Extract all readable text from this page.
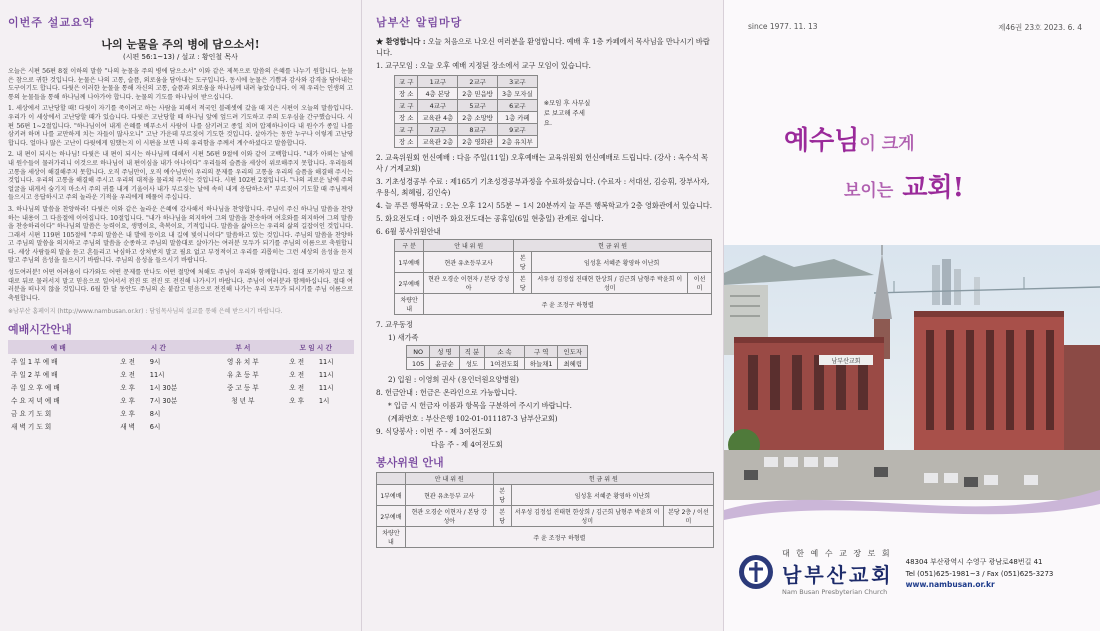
이번주 설교요약
나의 눈물을 주의 병에 담으소서!
(시편 56:1~13) / 설교 : 황인철 목사
오늘은 시편 56편 8절 이하의 말씀 "나의 눈물을 주의 병에 담으소서" 이와 같은 제목으로 말씀의 은혜를 나누기 원합니다. 눈물은 참으로 귀한 것입니다. 눈물은 나의 고통, 슬픔, 외로움을 담아내는 도구입니다. 동시에 눈물은 기쁨과 감사와 감격을 담아내는 도구이기도 합니다. 다윗은 이러한 눈물을 통해 자신의 고통, 슬픔과 외로움을 하나님께 내려 놓았습니다. 이 제 우리는 인생의 고통의 눈물들을 통해 하나님께 나아가야 합니다. 눈물의 기도를 하나님이 받으십니다.
1. 세상에서 고난당할 때! 다윗이 자기를 죽이려고 하는 사람을 피해서 적국인 블레셋에 갔을 때 지은 시편이 오늘의 말씀입니다. 우리가 이 세상에서 고난당할 때가 있습니다. 다윗은 고난당할 때 하나님 앞에 엎드려 기도하고 주의 도우심을 간구했습니다. 시편 56편 1~2절입니다. "하나님이여 내게 은혜를 베푸소서 사람이 나를 삼키려고 종일 치며 압제하나이다 내 원수가 종일 나를 삼키려 하며 나를 교만하게 치는 자들이 많사오니" 고난 가운데 부르짖어 기도한 것입니다. 살아가는 동안 누구나 이렇게 고난당합니다. 얼마나 많은 고난이 다윗에게 임했는지 이 시편을 보면 나의 유리함을 주께서 계수하셨다고 말씀합니다.
2. 내 편이 되시는 하나님! 다윗은 내 편이 되시는 하나님께 대해서 시편 56편 9절에 이와 같이 고백합니다. "내가 아뢰는 날에 내 원수들이 물러가리니 이것으로 하나님이 내 편이심을 내가 아나이다" 우리들의 슬픔을 세상이 위로해주지 못합니다. 우리들의 고통을 세상이 해결해주지 못합니다. 오직 주님만이, 오직 예수님만이 우리의 문제를 우리의 고통을 우리의 슬픔을 해결해 주시는 것입니다. 우리의 고통을 해결해 주시고 우리의 대적을 물리쳐 주시는 것입니다. 시편 102편 2절입니다. "나의 괴로운 날에 주의 얼굴을 내게서 숨기지 마소서 주의 귀를 내게 기울이사 내가 부르짖는 날에 속히 내게 응답하소서" 부르짖어 기도할 때 주님께서 들으시고 응답하시고 주의 놀라운 기적을 우리에게 베풀어 주십니다.
3. 하나님의 말씀을 찬양하라! 다윗은 이와 같은 놀라운 은혜에 감사해서 하나님을 찬양합니다. 주님이 주신 하나님 말씀을 찬양하는 내용이 그 다음절에 이어집니다. 10절입니다. "내가 하나님을 의지하여 그의 말씀을 찬송하며 여호와를 의지하여 그의 말씀을 찬송하리이다" 하나님의 말씀은 능력이요, 생명이요, 축복이요, 기적입니다. 말씀을 삶아으는 우리의 삶의 길잡이인 것입니다. 그래서 시편 119편 105절에 "주의 말씀은 내 발에 등이요 내 길에 빛이니이다" 말씀하고 있는 것입니다. 주님의 말씀을 찬양하고 주님의 말씀을 의지하고 주님의 말씀을 순종하고 주님의 말씀대로 살아가는 여러분 모두가 되기를 주님의 이름으로 축원합니다. 세상 사람들의 말을 듣고 흔들리고 낙심하고 상처받지 말고 필요 없고 부정적이고 우리를 괴롭히는 그런 세상의 음성을 듣지 말고 주님의 음성을 들으시기 바랍니다. 주님의 음성을 들으시기 바랍니다.
성도여러분! 어떤 어려움이 다가와도 어떤 문제를 만나도 어떤 절망에 처해도 주님이 우리와 함께합니다. 절대 포기하지 말고 절대로 뒤로 물러서지 말고 믿음으로 일어서서 전진 또 전진 또 전진해 나가시기 바랍니다. 주님이 여러분과 함께하십니다. 절대 여러분을 떠나지 않을 것입니다. 6월 한 달 동안도 주님의 손 붙잡고 믿음으로 전진해 나가는 우리 모두가 되시기를 주님 이름으로 축원합니다.
※남부산 홈페이지 (http://www.nambusan.or.kr) : 담임목사님의 설교를 통해 은혜 받으시기 바랍니다.
예배시간안내
예 배	시 간		부 서	모 임 시 간	
주 일 1 부 예 배	오 전	9시	영 유 치 부	오 전	11시
주 일 2 부 예 배	오 전	11시	유 초 등 부	오 전	11시
주 일 오 후 예 배	오 후	1시 30분	중 고 등 부	오 전	11시
수 요 저 녁 예 배	오 후	7시 30분	청 년 부	오 후	1시
금 요 기 도 회	오 후	8시			
새 벽 기 도 회	새 벽	6시			
남부산 알림마당
★ 환영합니다 : 오늘 처음으로 나오신 여러분을 환영합니다. 예배 후 1층 카페에서 목사님을 만나시기 바랍니다.
1. 교구모임 : 오늘 오후 예배 지정된 장소에서 교구 모임이 있습니다.
교 구	1교구	2교구	3교구
장 소	4층 본당	2층 믿음방	3층 모자실
교 구	4교구	5교구	6교구
장 소	교육관 4층	2층 소망방	1층 카페
교 구	7교구	8교구	9교구
장 소	교육관 2층	2층 영화관	2층 유치부
※모임 후 사무실로 보고해 주세요.
2. 교육위원회 헌신예배 : 다음 주일(11일) 오후예배는 교육위원회 헌신예배로 드립니다. (강사 : 옥수석 목사 / 거제교회)
3. 기초성경공부 수료 : 제165기 기초성경공부과정을 수료하셨습니다. (수료자 : 서대선, 김승휘, 장부사자, 우용식, 최혜림, 김인숙)
4. 늘 푸른 행복학교 : 오는 오후 12시 55분 ~ 1시 20분까지 늘 푸른 행복학교가 2층 영화관에서 있습니다.
5. 화요전도대 : 이번주 화요전도대는 공휴일(6일 현충일) 관계로 쉽니다.
6. 6월 봉사위원안내
구 분	안 내 위 원	헌 금 위 원		
1부예배	현관 유초등부교사	본당	임성훈 서혜준 황영하 이난희	
2부예배	현관 오경순 이현자 / 본당 강성아	본당	서우성 김정섭 진태현 한상희 / 김근희 남형주 박윤희 이성미	이선미
차량안내	주 윤 조정구 하형렬			
7. 교우동정
1) 새가족
NO	성 명	직 분	소 속	구 역	인도자
105	윤금순	성도	1여전도회	하늘채1	최혜림
2) 입원 : 이영희 권사 (용인더원요양병원)
8. 헌금안내 : 헌금은 온라인으로 가능합니다.
* 입금 시 헌금자 이름과 항목을 구분하여 주시기 바랍니다.
(계좌번호 : 부산은행 102-01-011187-3 남부산교회)
9. 식당봉사 : 이번 주 - 제 3여전도회
다음 주 - 제 4여전도회
봉사위원 안내
	안 내 위 원	헌 금 위 원		
1부예배	현관 유초등부 교사	본당	임성훈 서혜준 황영하 이난희	
2부예배	현관 오경순 이현자 / 본당 강성아	본당	서우성 김정섭 진태현 한상희 / 김근희 남형주 박윤희 이성미	본당 2층 / 이선미
차량안내	주 윤 조정구 하형렬			
since 1977. 11. 13	제46권 23호 2023. 6. 4
예수님이 크게
보이는 교회!
남부산교회
대 한 예 수 교 장 로 회
남부산교회
Nam Busan Presbyterian Church
48304 부산광역시 수영구 광남로48번길 41
Tel (051)625-1981~3 / Fax (051)625-3273
www.nambusan.or.kr
